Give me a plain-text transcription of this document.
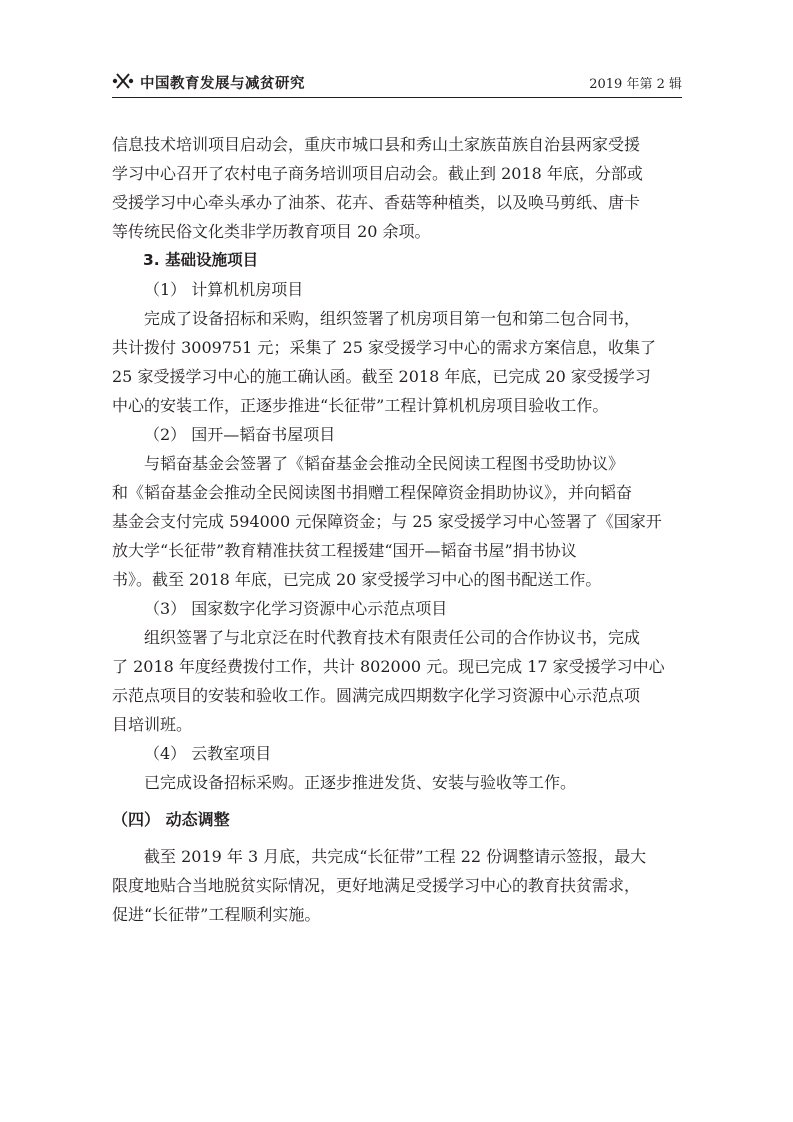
中国教育发展与减贫研究	2019 年第 2 辑

信息技术培训项目启动会，重庆市城口县和秀山土家族苗族自治县两家受援
学习中心召开了农村电子商务培训项目启动会。截止到 2018 年底，分部或
受援学习中心牵头承办了油茶、花卉、香菇等种植类，以及唤马剪纸、唐卡
等传统民俗文化类非学历教育项目 20 余项。

3. 基础设施项目

（1） 计算机机房项目

完成了设备招标和采购，组织签署了机房项目第一包和第二包合同书，
共计拨付 3009751 元；采集了 25 家受援学习中心的需求方案信息，收集了
25 家受援学习中心的施工确认函。截至 2018 年底，已完成 20 家受援学习
中心的安装工作，正逐步推进“长征带”工程计算机机房项目验收工作。

（2） 国开—韬奋书屋项目

与韬奋基金会签署了《韬奋基金会推动全民阅读工程图书受助协议》
和《韬奋基金会推动全民阅读图书捐赠工程保障资金捐助协议》，并向韬奋
基金会支付完成 594000 元保障资金；与 25 家受援学习中心签署了《国家开
放大学“长征带”教育精准扶贫工程援建“国开—韬奋书屋”捐书协议
书》。截至 2018 年底，已完成 20 家受援学习中心的图书配送工作。

（3） 国家数字化学习资源中心示范点项目

组织签署了与北京泛在时代教育技术有限责任公司的合作协议书，完成
了 2018 年度经费拨付工作，共计 802000 元。现已完成 17 家受援学习中心
示范点项目的安装和验收工作。圆满完成四期数字化学习资源中心示范点项
目培训班。

（4） 云教室项目

已完成设备招标采购。正逐步推进发货、安装与验收等工作。

（四） 动态调整

截至 2019 年 3 月底，共完成“长征带”工程 22 份调整请示签报，最大
限度地贴合当地脱贫实际情况，更好地满足受援学习中心的教育扶贫需求，
促进“长征带”工程顺利实施。
